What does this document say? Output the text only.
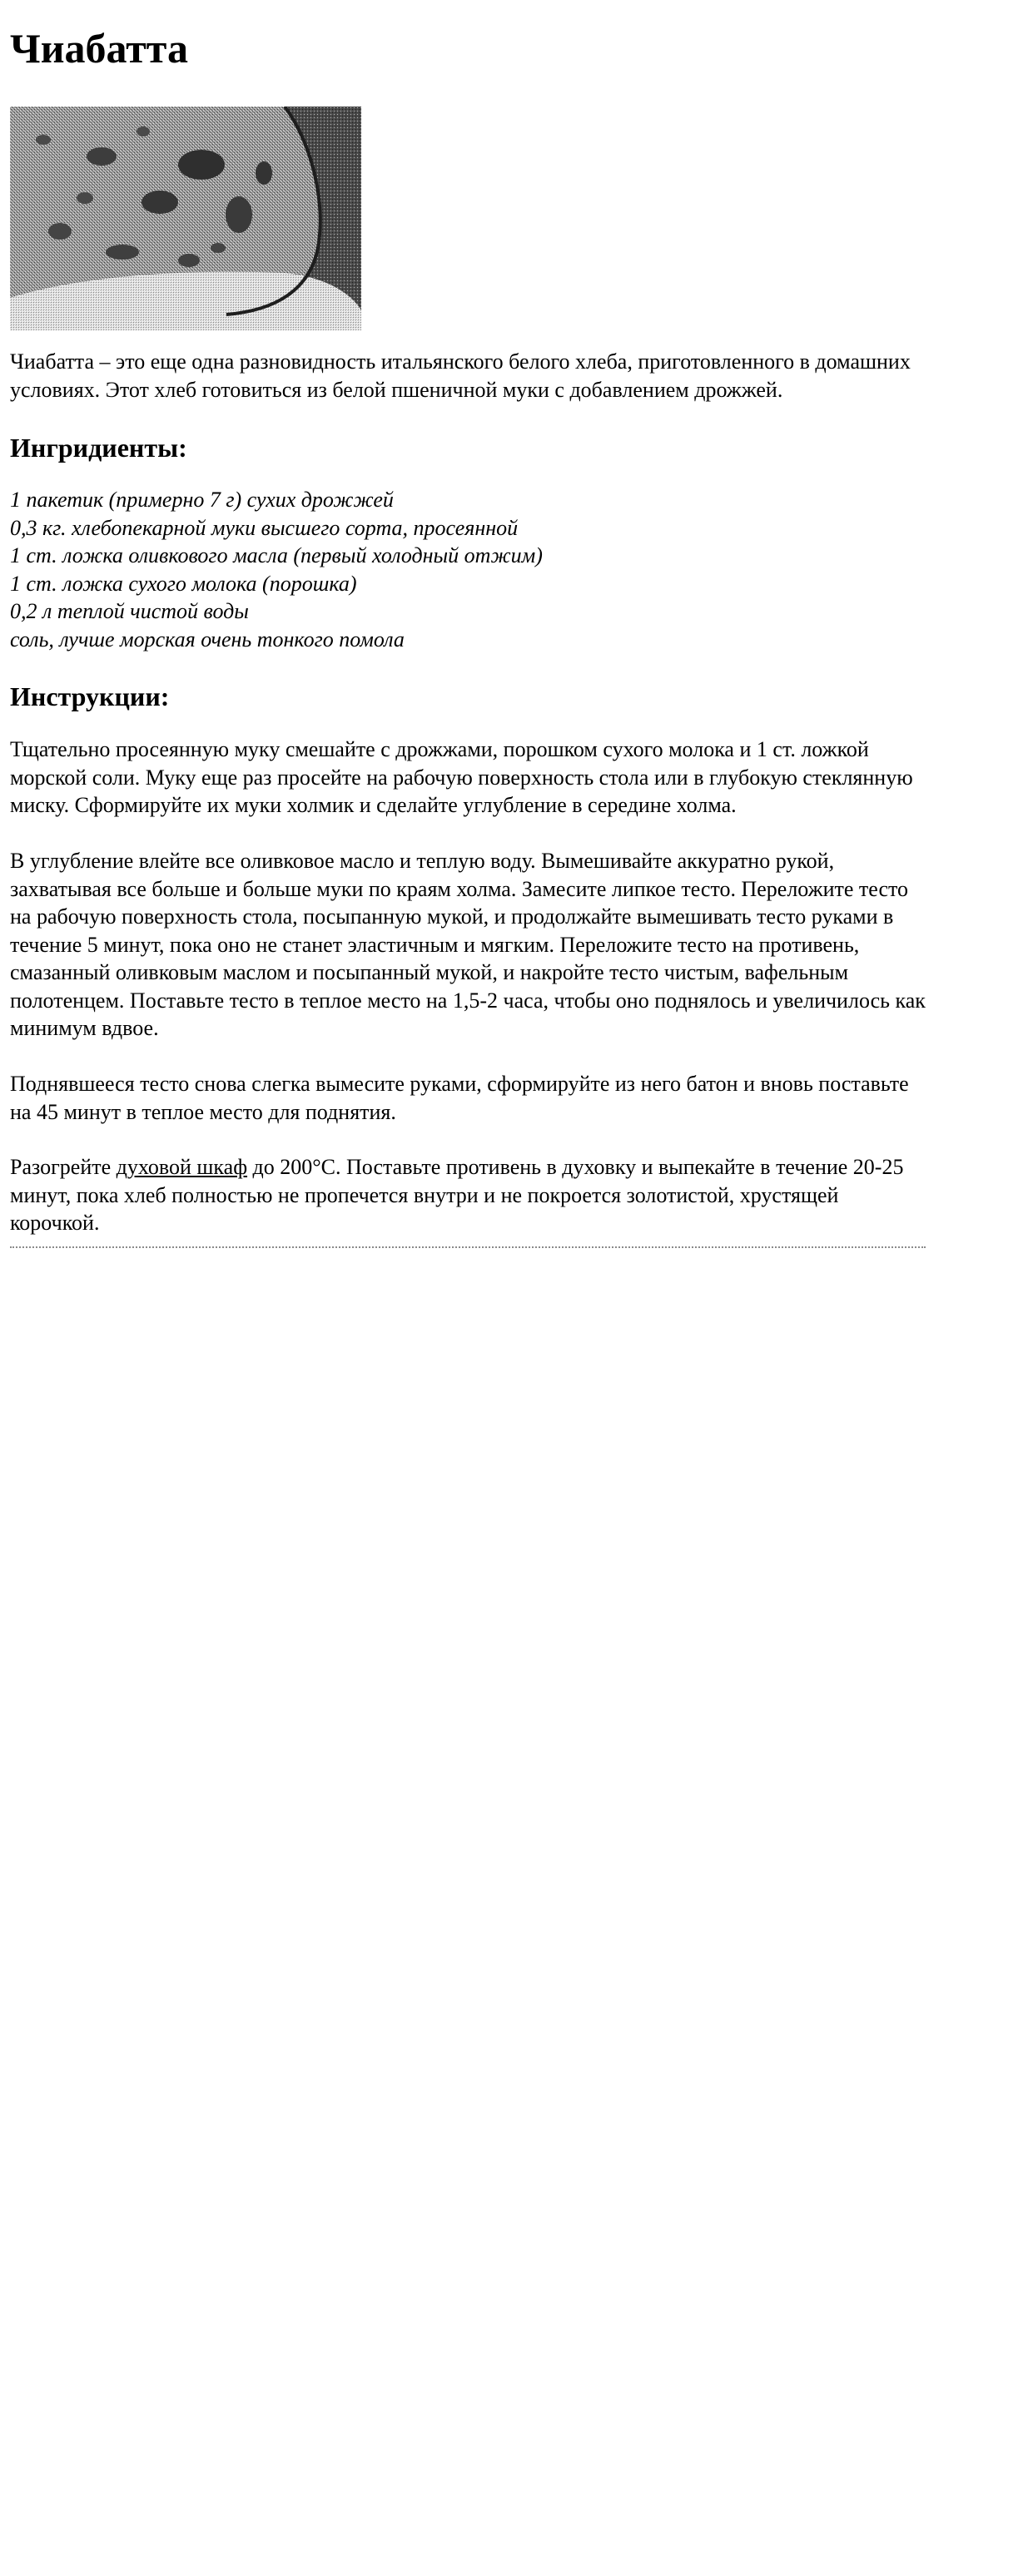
Чиабатта

Чиабатта – это еще одна разновидность итальянского белого хлеба, приготовленного в домашних условиях. Этот хлеб готовиться из белой пшеничной муки с добавлением дрожжей.

Ингридиенты:
1 пакетик (примерно 7 г) сухих дрожжей
0,3 кг. хлебопекарной муки высшего сорта, просеянной
1 ст. ложка оливкового масла (первый холодный отжим)
1 ст. ложка сухого молока (порошка)
0,2 л теплой чистой воды
соль, лучше морская очень тонкого помола
Инструкции:

Тщательно просеянную муку смешайте с дрожжами, порошком сухого молока и 1 ст. ложкой морской соли. Муку еще раз просейте на рабочую поверхность стола или в глубокую стеклянную миску. Сформируйте их муки холмик и сделайте углубление в середине холма.

В углубление влейте все оливковое масло и теплую воду. Вымешивайте аккуратно рукой, захватывая все больше и больше муки по краям холма. Замесите липкое тесто. Переложите тесто на рабочую поверхность стола, посыпанную мукой, и продолжайте вымешивать тесто руками в течение 5 минут, пока оно не станет эластичным и мягким. Переложите тесто на противень, смазанный оливковым маслом и посыпанный мукой, и накройте тесто чистым, вафельным полотенцем. Поставьте тесто в теплое место на 1,5-2 часа, чтобы оно поднялось и увеличилось как минимум вдвое.

Поднявшееся тесто снова слегка вымесите руками, сформируйте из него батон и вновь поставьте на 45 минут в теплое место для поднятия.

Разогрейте духовой шкаф до 200°C. Поставьте противень в духовку и выпекайте в течение 20-25 минут, пока хлеб полностью не пропечется внутри и не покроется золотистой, хрустящей корочкой.
